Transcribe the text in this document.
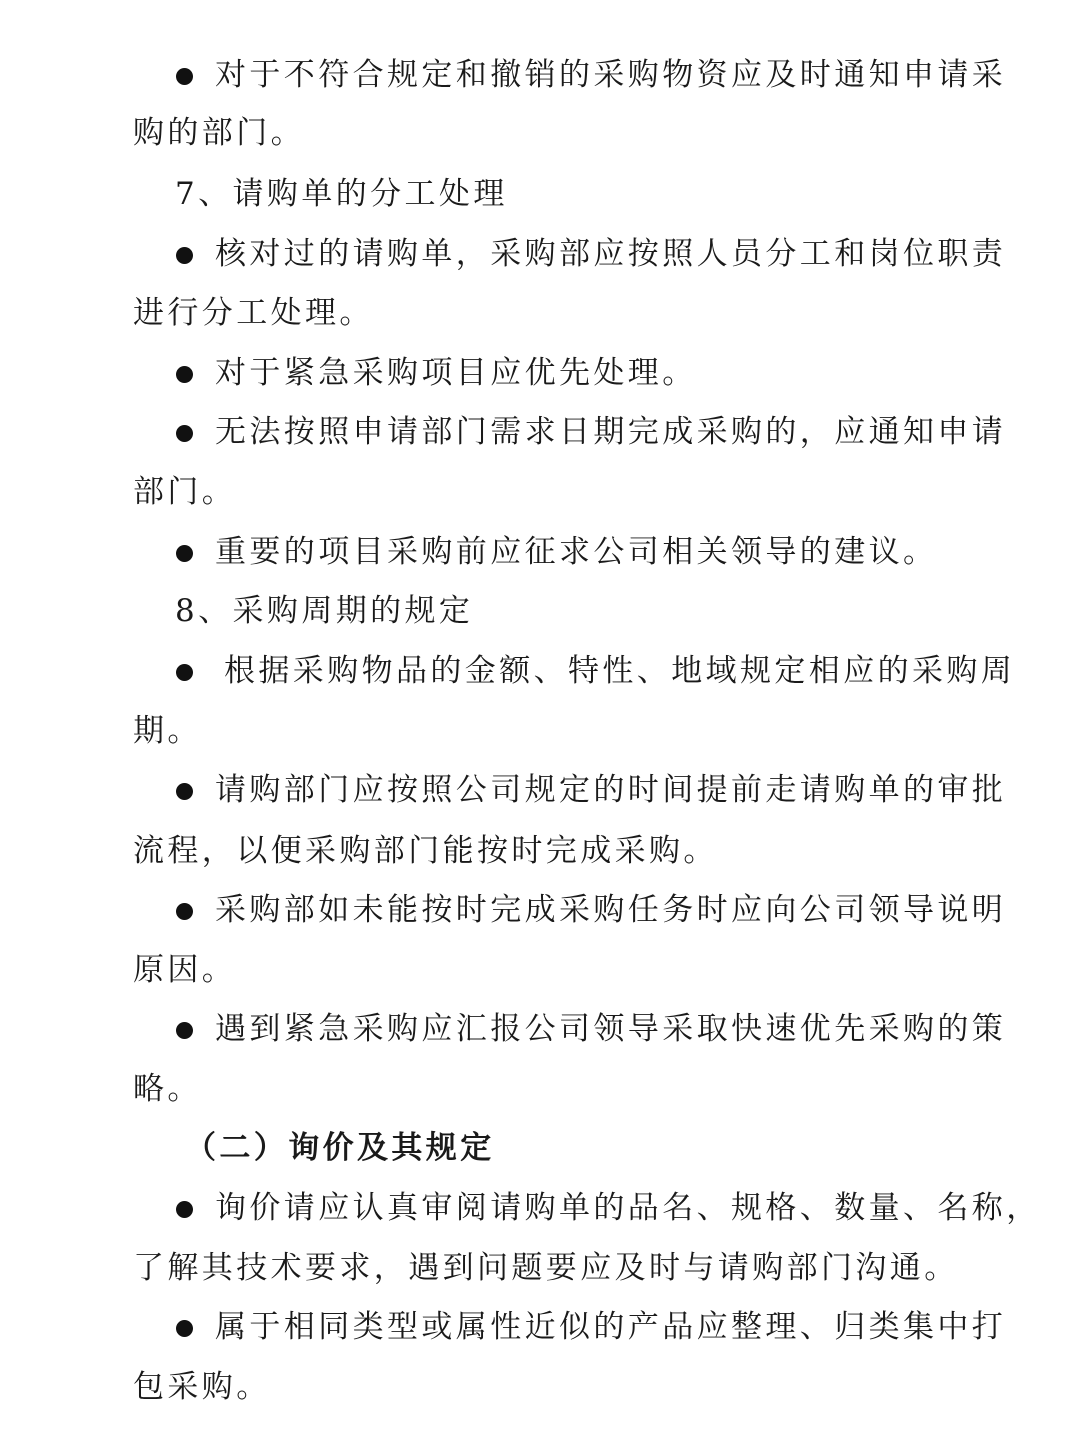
对于不符合规定和撤销的采购物资应及时通知申请采
购的部门。
7、请购单的分工处理
核对过的请购单，采购部应按照人员分工和岗位职责
进行分工处理。
对于紧急采购项目应优先处理。
无法按照申请部门需求日期完成采购的，应通知申请
部门。
重要的项目采购前应征求公司相关领导的建议。
8、采购周期的规定
根据采购物品的金额、特性、地域规定相应的采购周
期。
请购部门应按照公司规定的时间提前走请购单的审批
流程，以便采购部门能按时完成采购。
采购部如未能按时完成采购任务时应向公司领导说明
原因。
遇到紧急采购应汇报公司领导采取快速优先采购的策
略。
（二）询价及其规定
询价请应认真审阅请购单的品名、规格、数量、名称，
了解其技术要求，遇到问题要应及时与请购部门沟通。
属于相同类型或属性近似的产品应整理、归类集中打
包采购。
